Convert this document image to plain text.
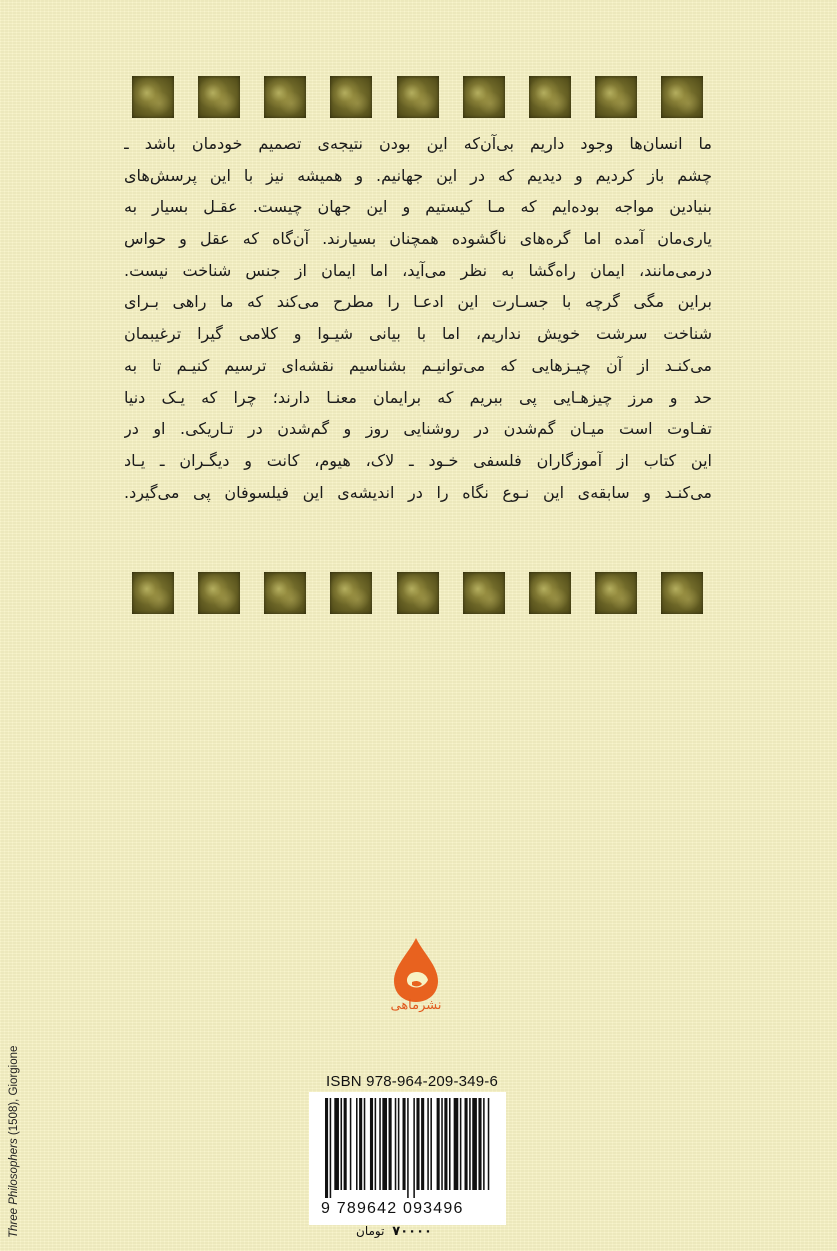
ما انسان‌ها وجود داریم بی‌آن‌که این بودن نتیجه‌ی تصمیم خودمان باشد ـ
چشم باز کردیم و دیدیم که در این جهانیم. و همیشه نیز با این پرسش‌های
بنیادین مواجه بوده‌ایم که مـا کیستیم و این جهان چیست. عقـل بسیار به
یاری‌مان آمده اما گره‌های ناگشوده همچنان بسیارند. آن‌گاه که عقل و حواس
درمی‌مانند، ایمان راه‌گشا به نظر می‌آید، اما ایمان از جنس شناخت نیست.
براین مگی گرچه با جسـارت این ادعـا را مطرح می‌کند که ما راهی بـرای
شناخت سرشت خویش نداریم، اما با بیانی شیـوا و کلامی گیرا ترغیبمان
می‌کنـد از آن چیـزهایی که می‌توانیـم بشناسیم نقشه‌ای ترسیم کنیـم تا به
حد و مرز چیزهـایی پی ببریم که برایمان معنـا دارند؛ چرا که یـک دنیا
تفـاوت است میـان گم‌شدن در روشنایی روز و گم‌شدن در تـاریکی. او در
این کتاب از آموزگاران فلسفی خـود ـ لاک، هیوم، کانت و دیگـران ـ یـاد
می‌کنـد و سابقه‌ی این نـوع نگاه را در اندیشه‌ی این فیلسوفان پی می‌گیرد.
نشرماهی
ISBN 978-964-209-349-6
9 789642 093496
۷۰۰۰۰ تومان
Three Philosophers (1508), Giorgione
